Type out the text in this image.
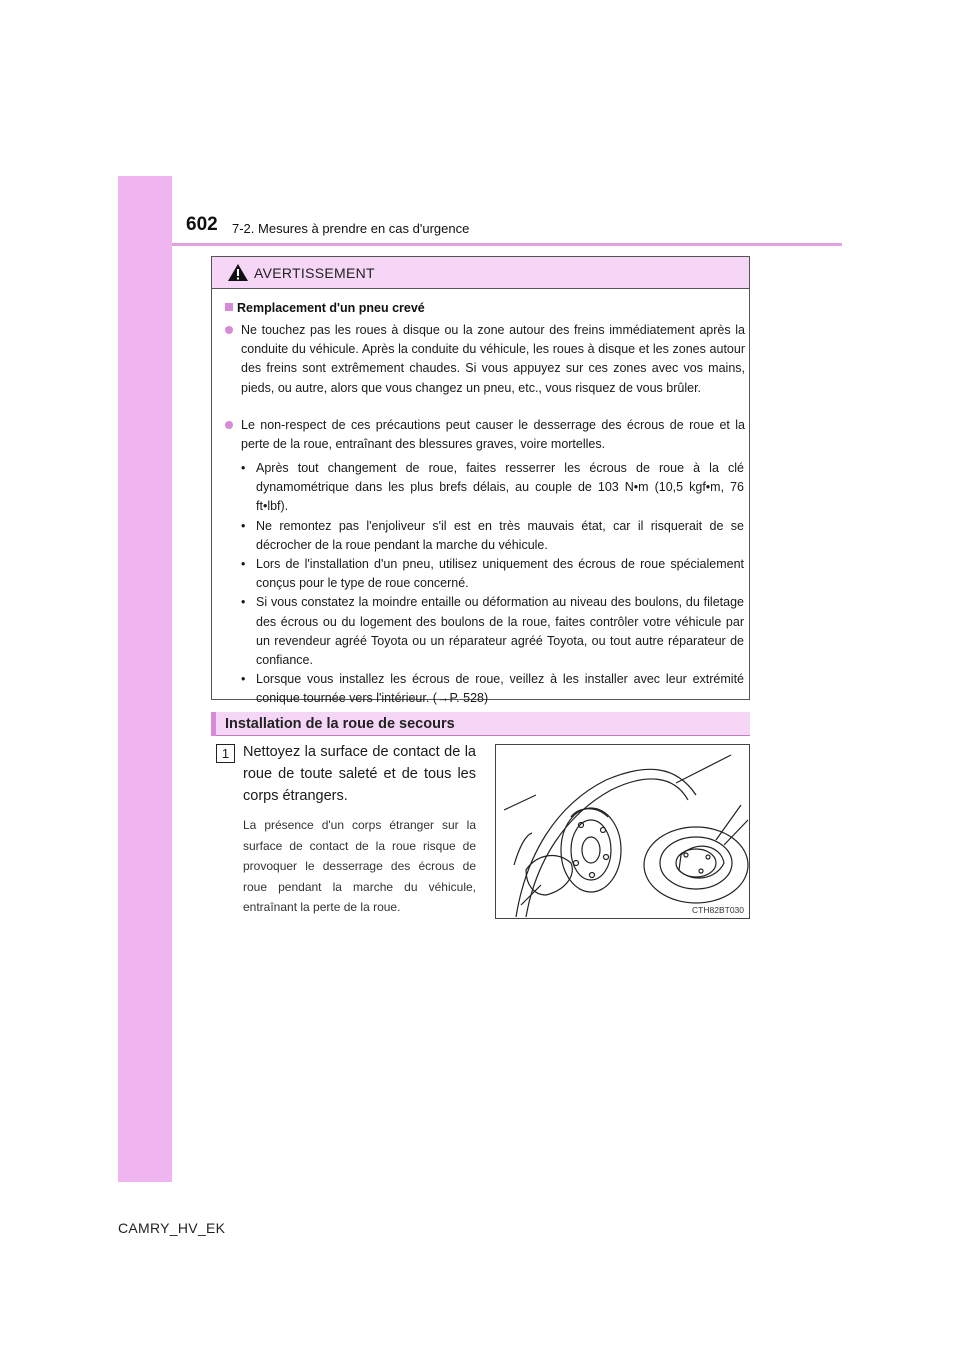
602 7-2. Mesures à prendre en cas d'urgence
AVERTISSEMENT
Remplacement d'un pneu crevé
Ne touchez pas les roues à disque ou la zone autour des freins immédiatement après la conduite du véhicule. Après la conduite du véhicule, les roues à disque et les zones autour des freins sont extrêmement chaudes. Si vous appuyez sur ces zones avec vos mains, pieds, ou autre, alors que vous changez un pneu, etc., vous risquez de vous brûler.
Le non-respect de ces précautions peut causer le desserrage des écrous de roue et la perte de la roue, entraînant des blessures graves, voire mortelles.
• Après tout changement de roue, faites resserrer les écrous de roue à la clé dynamométrique dans les plus brefs délais, au couple de 103 N•m (10,5 kgf•m, 76 ft•lbf).
• Ne remontez pas l'enjoliveur s'il est en très mauvais état, car il risquerait de se décrocher de la roue pendant la marche du véhicule.
• Lors de l'installation d'un pneu, utilisez uniquement des écrous de roue spécialement conçus pour le type de roue concerné.
• Si vous constatez la moindre entaille ou déformation au niveau des boulons, du filetage des écrous ou du logement des boulons de la roue, faites contrôler votre véhicule par un revendeur agréé Toyota ou un réparateur agréé Toyota, ou tout autre réparateur de confiance.
• Lorsque vous installez les écrous de roue, veillez à les installer avec leur extrémité conique tournée vers l'intérieur. (→P. 528)
Installation de la roue de secours
1 Nettoyez la surface de contact de la roue de toute saleté et de tous les corps étrangers.
La présence d'un corps étranger sur la surface de contact de la roue risque de provoquer le desserrage des écrous de roue pendant la marche du véhicule, entraînant la perte de la roue.	CTH82BT030
CAMRY_HV_EK
